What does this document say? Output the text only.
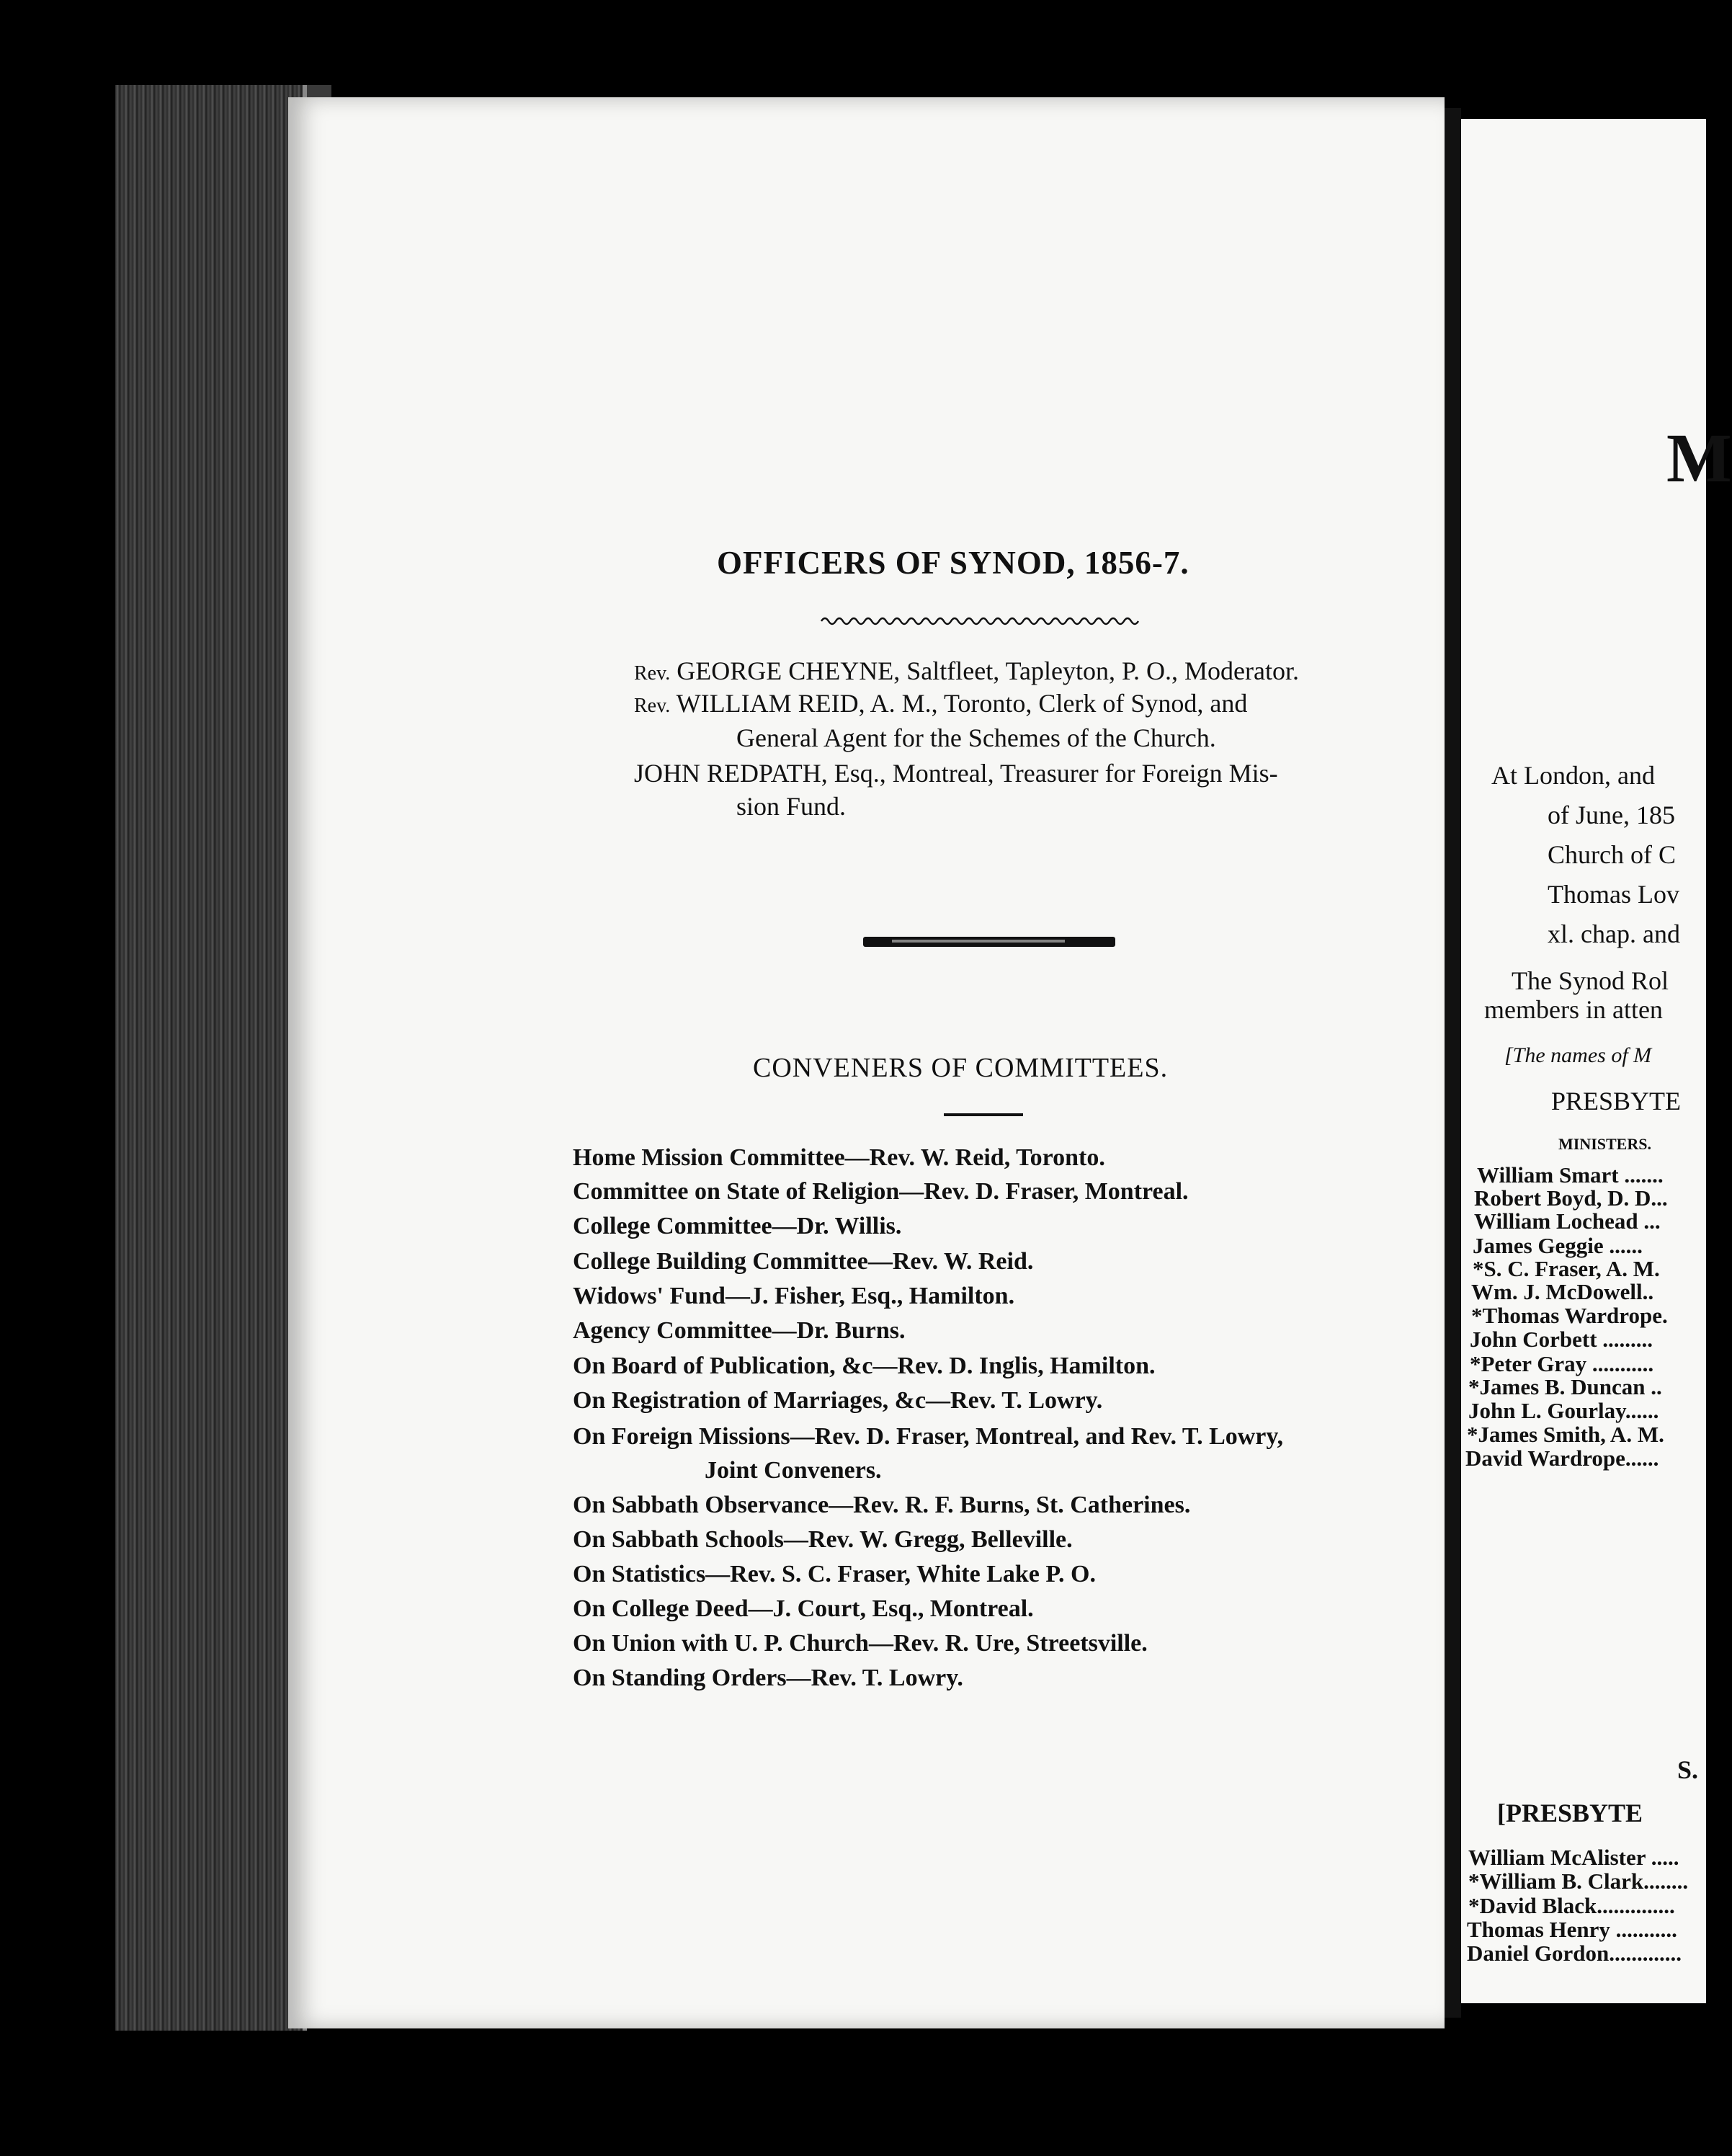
OFFICERS OF SYNOD, 1856-7.
Rev. GEORGE CHEYNE, Saltfleet, Tapleyton, P. O., Moderator.
Rev. WILLIAM REID, A. M., Toronto, Clerk of Synod, and
General Agent for the Schemes of the Church.
JOHN REDPATH, Esq., Montreal, Treasurer for Foreign Mis-
sion Fund.
CONVENERS OF COMMITTEES.
Home Mission Committee—Rev. W. Reid, Toronto.
Committee on State of Religion—Rev. D. Fraser, Montreal.
College Committee—Dr. Willis.
College Building Committee—Rev. W. Reid.
Widows' Fund—J. Fisher, Esq., Hamilton.
Agency Committee—Dr. Burns.
On Board of Publication, &c—Rev. D. Inglis, Hamilton.
On Registration of Marriages, &c—Rev. T. Lowry.
On Foreign Missions—Rev. D. Fraser, Montreal, and Rev. T. Lowry,
Joint Conveners.
On Sabbath Observance—Rev. R. F. Burns, St. Catherines.
On Sabbath Schools—Rev. W. Gregg, Belleville.
On Statistics—Rev. S. C. Fraser, White Lake P. O.
On College Deed—J. Court, Esq., Montreal.
On Union with U. P. Church—Rev. R. Ure, Streetsville.
On Standing Orders—Rev. T. Lowry.
M
At London, and
of June, 185
Church of C
Thomas Lov
xl. chap. and
The Synod Rol
members in atten
[The names of M
PRESBYTE
MINISTERS.
William Smart .......
Robert Boyd, D. D...
William Lochead ...
James Geggie ......
*S. C. Fraser, A. M.
Wm. J. McDowell..
*Thomas Wardrope.
John Corbett .........
*Peter Gray ...........
*James B. Duncan ..
John L. Gourlay......
*James Smith, A. M.
David Wardrope......
S.
[PRESBYTE
William McAlister .....
*William B. Clark........
*David Black..............
Thomas Henry ...........
Daniel Gordon.............
